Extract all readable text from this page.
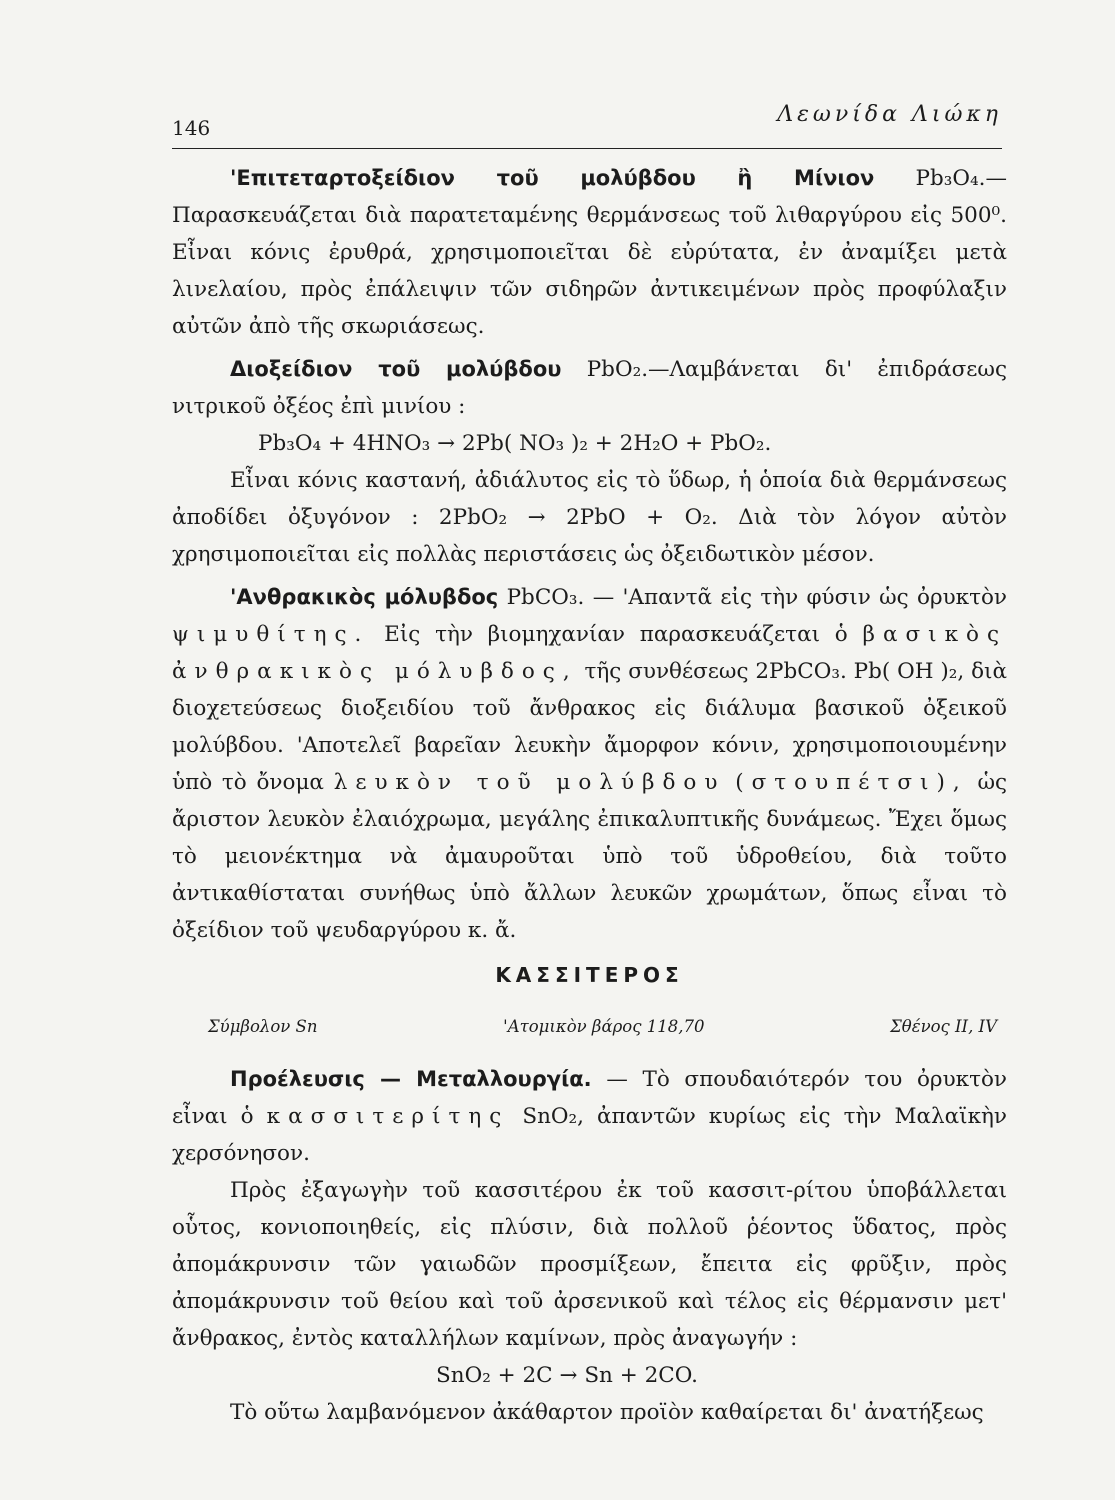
146
Λεωνίδα Λιώκη

'Επιτεταρτοξείδιον τοῦ μολύβδου ἢ Μίνιον Pb₃O₄.— Παρασκευάζεται διὰ παρατεταμένης θερμάνσεως τοῦ λιθαργύρου εἰς 500⁰. Εἶναι κόνις ἐρυθρά, χρησιμοποιεῖται δὲ εὐρύτατα, ἐν ἀναμίξει μετὰ λινελαίου, πρὸς ἐπάλειψιν τῶν σιδηρῶν ἀντικειμένων πρὸς προφύλαξιν αὐτῶν ἀπὸ τῆς σκωριάσεως.

Διοξείδιον τοῦ μολύβδου PbO₂.—Λαμβάνεται δι' ἐπιδράσεως νιτρικοῦ ὀξέος ἐπὶ μινίου :

Pb₃O₄ + 4HNO₃ → 2Pb( NO₃ )₂ + 2H₂O + PbO₂.

Εἶναι κόνις καστανή, ἀδιάλυτος εἰς τὸ ὕδωρ, ἡ ὁποία διὰ θερμάνσεως ἀποδίδει ὀξυγόνον : 2PbO₂ → 2PbO + O₂. Διὰ τὸν λόγον αὐτὸν χρησιμοποιεῖται εἰς πολλὰς περιστάσεις ὡς ὀξειδωτικὸν μέσον.

'Ανθρακικὸς μόλυβδος PbCO₃. — 'Απαντᾶ εἰς τὴν φύσιν ὡς ὀρυκτὸν ψιμυθίτης. Εἰς τὴν βιομηχανίαν παρασκευάζεται ὁ βασικὸς ἀνθρακικὸς μόλυβδος, τῆς συνθέσεως 2PbCO₃. Pb( OH )₂, διὰ διοχετεύσεως διοξειδίου τοῦ ἄνθρακος εἰς διάλυμα βασικοῦ ὀξεικοῦ μολύβδου. 'Αποτελεῖ βαρεῖαν λευκὴν ἄμορφον κόνιν, χρησιμοποιουμένην ὑπὸ τὸ ὄνομα λευκὸν τοῦ μολύβδου (στουπέτσι), ὡς ἄριστον λευκὸν ἐλαιόχρωμα, μεγάλης ἐπικαλυπτικῆς δυνάμεως. Ἔχει ὅμως τὸ μειονέκτημα νὰ ἀμαυροῦται ὑπὸ τοῦ ὑδροθείου, διὰ τοῦτο ἀντικαθίσταται συνήθως ὑπὸ ἄλλων λευκῶν χρωμάτων, ὅπως εἶναι τὸ ὀξείδιον τοῦ ψευδαργύρου κ. ἄ.

ΚΑΣΣΙΤΕΡΟΣ
Σύμβολον Sn	'Ατομικὸν βάρος 118,70	Σθένος II, IV

Προέλευσις — Μεταλλουργία. — Τὸ σπουδαιότερόν του ὀρυκτὸν εἶναι ὁ κασσιτερίτης SnO₂, ἀπαντῶν κυρίως εἰς τὴν Μαλαϊκὴν χερσόνησον.

Πρὸς ἐξαγωγὴν τοῦ κασσιτέρου ἐκ τοῦ κασσιτ-ρίτου ὑποβάλλεται οὗτος, κονιοποιηθείς, εἰς πλύσιν, διὰ πολλοῦ ῥέοντος ὕδατος, πρὸς ἀπομάκρυνσιν τῶν γαιωδῶν προσμίξεων, ἔπειτα εἰς φρῦξιν, πρὸς ἀπομάκρυνσιν τοῦ θείου καὶ τοῦ ἀρσενικοῦ καὶ τέλος εἰς θέρμανσιν μετ' ἄνθρακος, ἐντὸς καταλλήλων καμίνων, πρὸς ἀναγωγήν :

SnO₂ + 2C → Sn + 2CO.

Τὸ οὕτω λαμβανόμενον ἀκάθαρτον προϊὸν καθαίρεται δι' ἀνατήξεως
